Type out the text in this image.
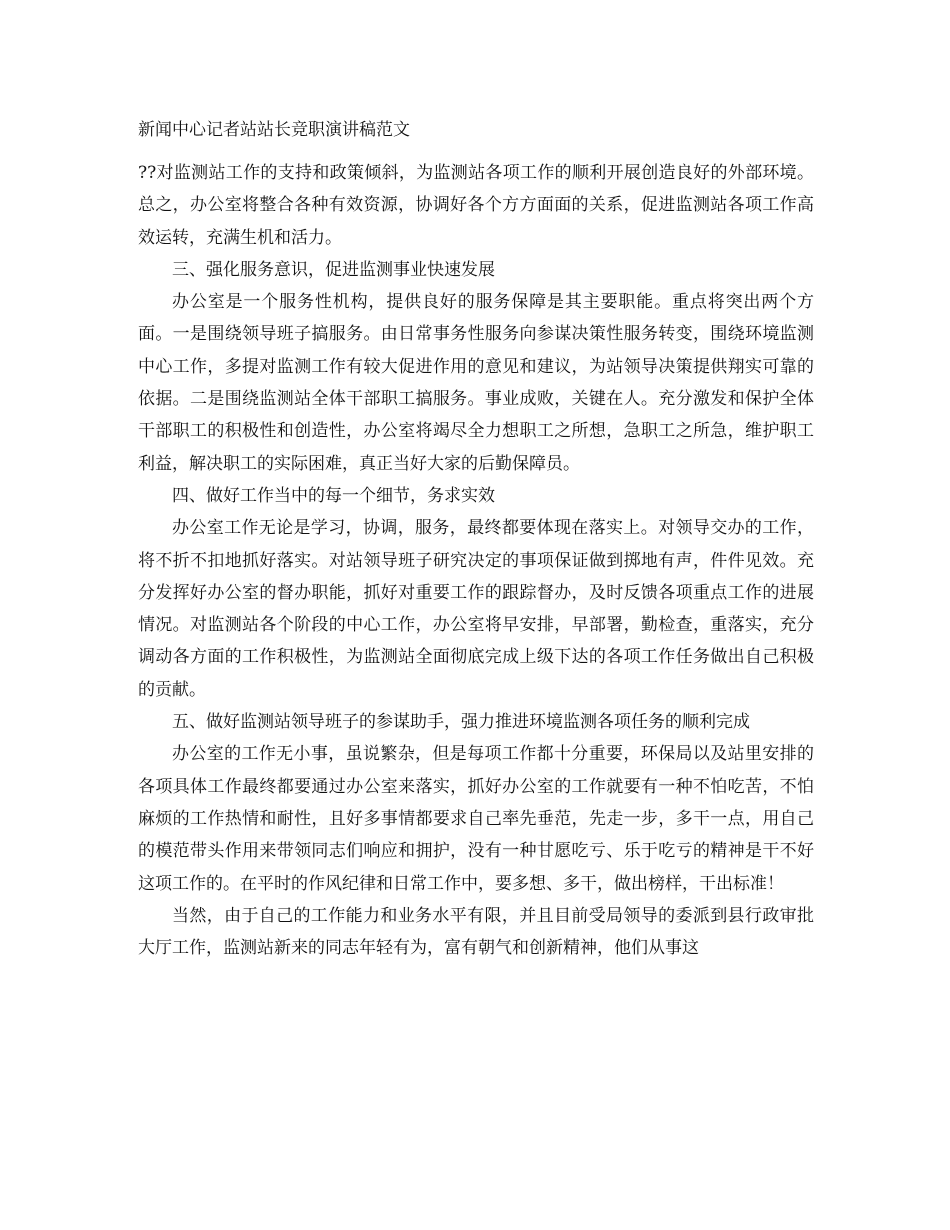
新闻中心记者站站长竞职演讲稿范文

??对监测站工作的支持和政策倾斜，为监测站各项工作的顺利开展创造良好的外部环境。总之，办公室将整合各种有效资源，协调好各个方方面面的关系，促进监测站各项工作高效运转，充满生机和活力。

三、强化服务意识，促进监测事业快速发展

办公室是一个服务性机构，提供良好的服务保障是其主要职能。重点将突出两个方面。一是围绕领导班子搞服务。由日常事务性服务向参谋决策性服务转变，围绕环境监测中心工作，多提对监测工作有较大促进作用的意见和建议，为站领导决策提供翔实可靠的依据。二是围绕监测站全体干部职工搞服务。事业成败，关键在人。充分激发和保护全体干部职工的积极性和创造性，办公室将竭尽全力想职工之所想，急职工之所急，维护职工利益，解决职工的实际困难，真正当好大家的后勤保障员。

四、做好工作当中的每一个细节，务求实效

办公室工作无论是学习，协调，服务，最终都要体现在落实上。对领导交办的工作，将不折不扣地抓好落实。对站领导班子研究决定的事项保证做到掷地有声，件件见效。充分发挥好办公室的督办职能，抓好对重要工作的跟踪督办，及时反馈各项重点工作的进展情况。对监测站各个阶段的中心工作，办公室将早安排，早部署，勤检查，重落实，充分调动各方面的工作积极性，为监测站全面彻底完成上级下达的各项工作任务做出自己积极的贡献。

五、做好监测站领导班子的参谋助手，强力推进环境监测各项任务的顺利完成

办公室的工作无小事，虽说繁杂，但是每项工作都十分重要，环保局以及站里安排的各项具体工作最终都要通过办公室来落实，抓好办公室的工作就要有一种不怕吃苦，不怕麻烦的工作热情和耐性，且好多事情都要求自己率先垂范，先走一步，多干一点，用自己的模范带头作用来带领同志们响应和拥护，没有一种甘愿吃亏、乐于吃亏的精神是干不好这项工作的。在平时的作风纪律和日常工作中，要多想、多干，做出榜样，干出标准！

当然，由于自己的工作能力和业务水平有限，并且目前受局领导的委派到县行政审批大厅工作，监测站新来的同志年轻有为，富有朝气和创新精神，他们从事这
